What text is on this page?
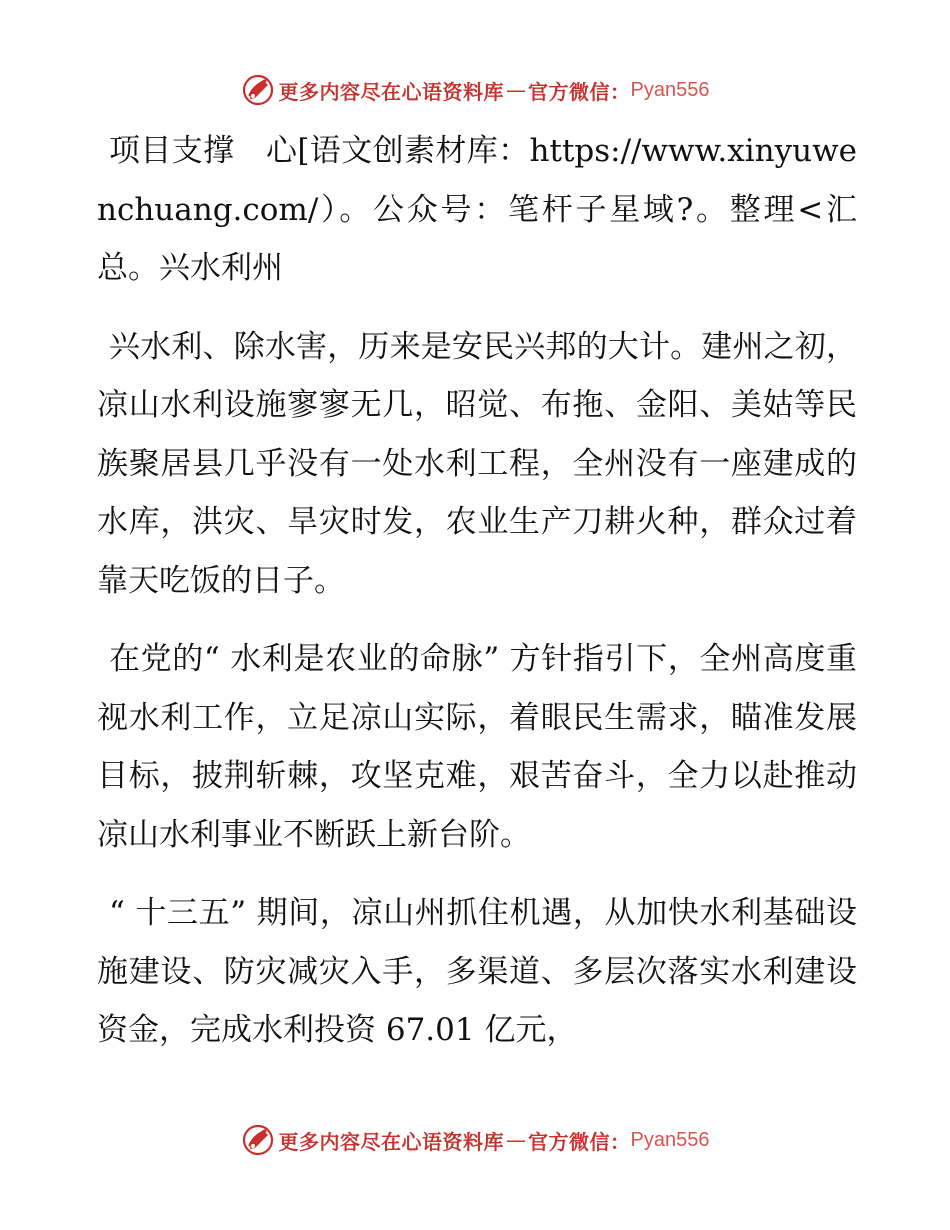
更多内容尽在心语资料库 — 官方微信： Pyan556

项目支撑　心[语文创素材库：https://www.xinyuwenchuang.com/）。公众号：笔杆子星域?。整理<汇总。兴水利州

兴水利、除水害，历来是安民兴邦的大计。建州之初，凉山水利设施寥寥无几，昭觉、布拖、金阳、美姑等民族聚居县几乎没有一处水利工程，全州没有一座建成的水库，洪灾、旱灾时发，农业生产刀耕火种，群众过着靠天吃饭的日子。

在党的“ 水利是农业的命脉” 方针指引下，全州高度重视水利工作，立足凉山实际，着眼民生需求，瞄准发展目标，披荆斩棘，攻坚克难，艰苦奋斗，全力以赴推动凉山水利事业不断跃上新台阶。

“ 十三五” 期间，凉山州抓住机遇，从加快水利基础设施建设、防灾减灾入手，多渠道、多层次落实水利建设资金，完成水利投资 67.01 亿元，

更多内容尽在心语资料库 — 官方微信： Pyan556
